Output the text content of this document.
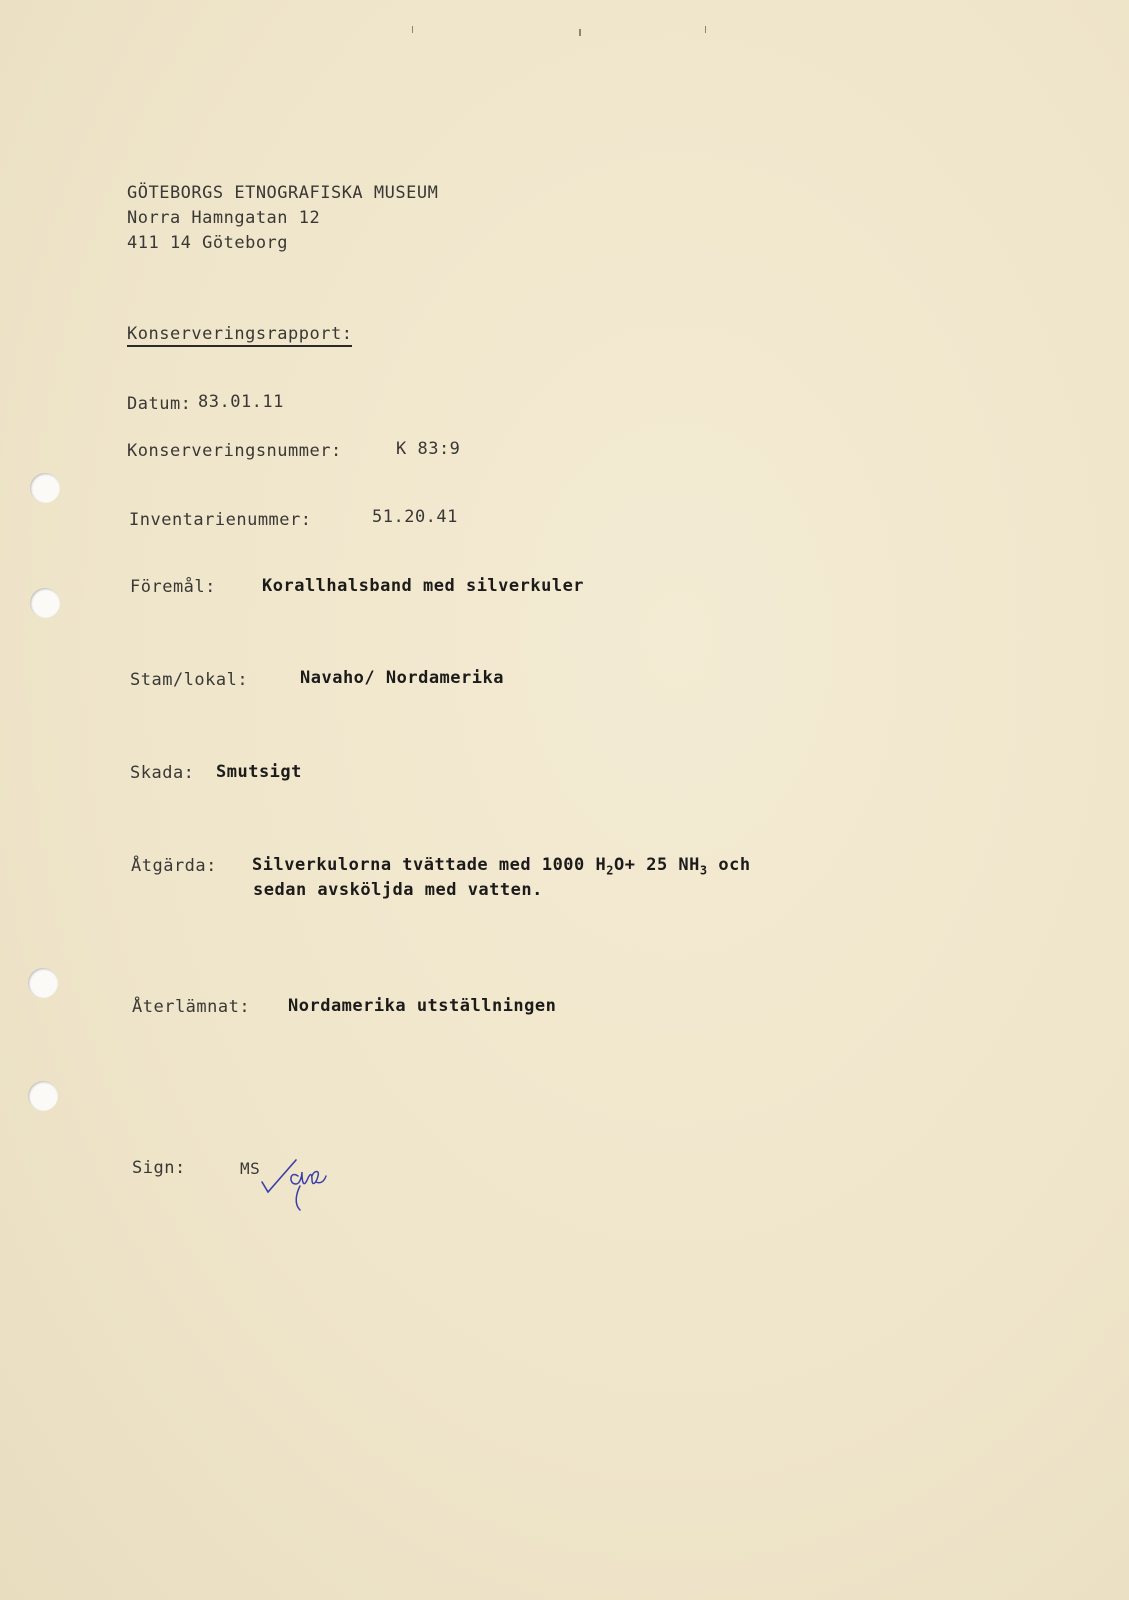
GÖTEBORGS ETNOGRAFISKA MUSEUM
Norra Hamngatan 12
411 14 Göteborg
Konserveringsrapport:
Datum: 83.01.11
Konserveringsnummer:	K 83:9
Inventarienummer:	51.20.41
Föremål:	Korallhalsband med silverkuler
Stam/lokal:	Navaho/ Nordamerika
Skada: Smutsigt
Åtgärda: Silverkulorna tvättade med 1000 $H_2O+ 25$ $NH_3$ och
sedan avsköljda med vatten.
Återlämnat: Nordamerika utställningen
Sign:	MS
